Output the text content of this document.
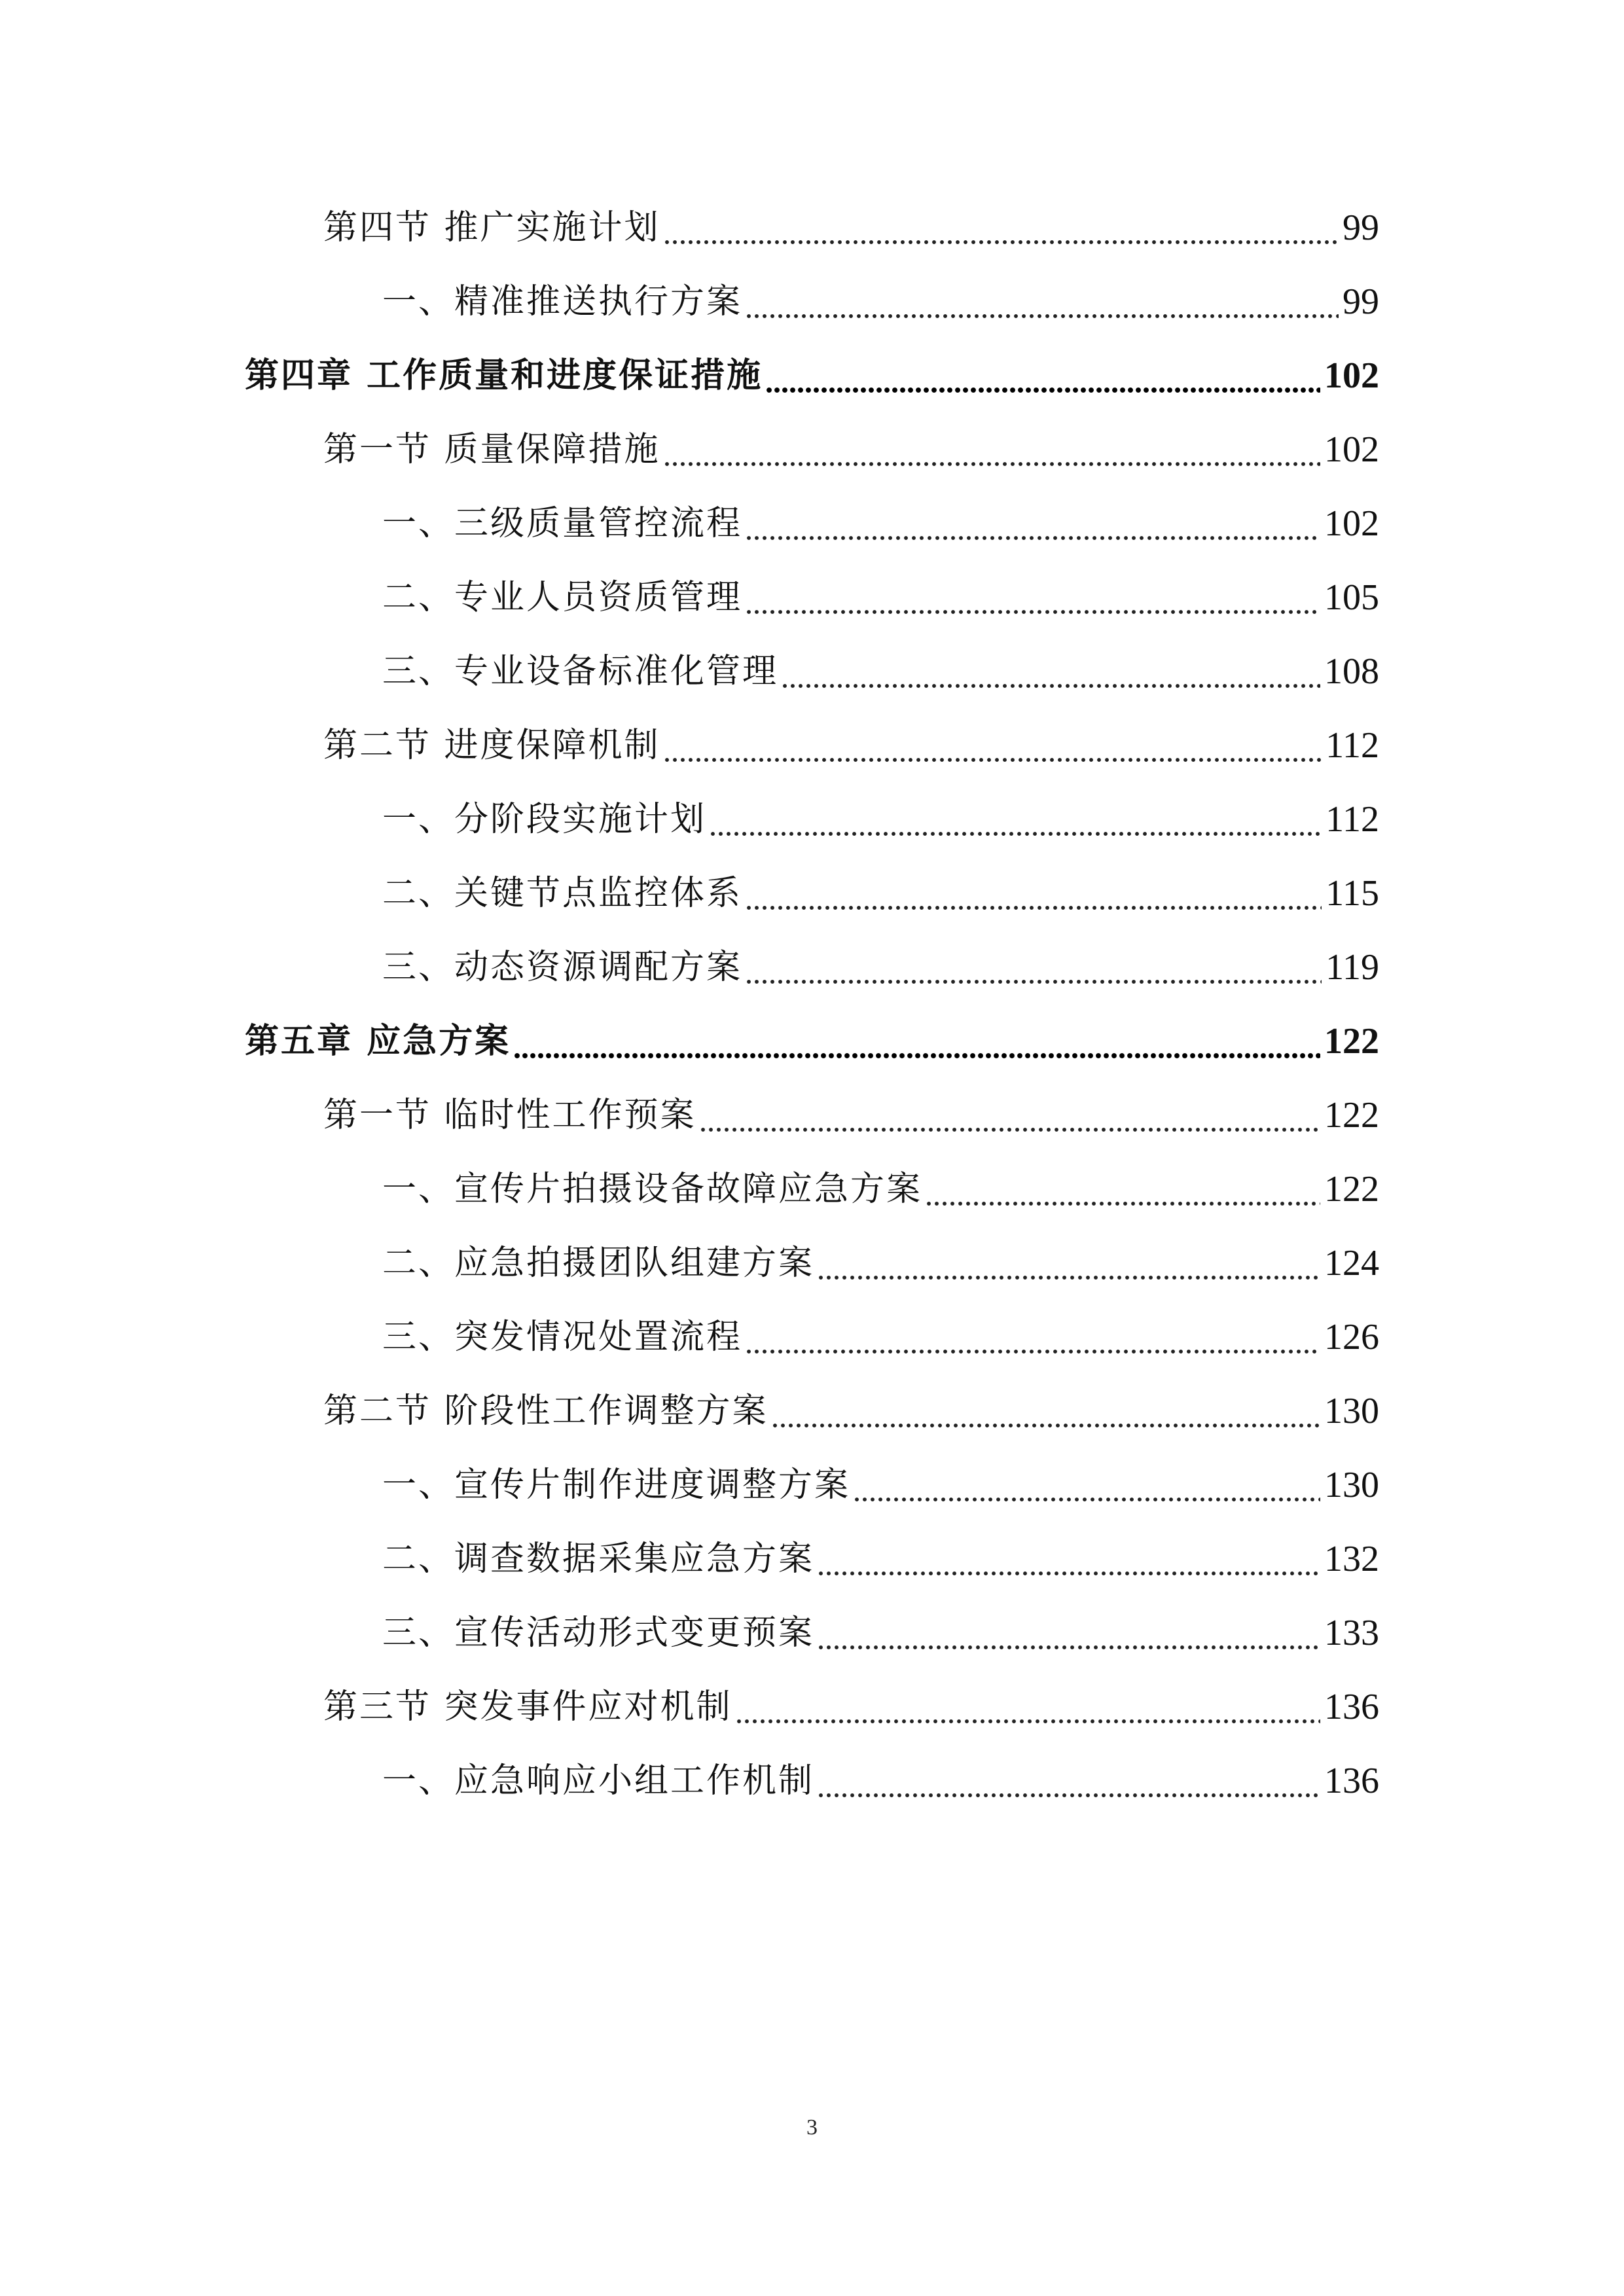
第四节 推广实施计划	99
一、精准推送执行方案	99
第四章 工作质量和进度保证措施	102
第一节 质量保障措施	102
一、三级质量管控流程	102
二、专业人员资质管理	105
三、专业设备标准化管理	108
第二节 进度保障机制	112
一、分阶段实施计划	112
二、关键节点监控体系	115
三、动态资源调配方案	119
第五章 应急方案	122
第一节 临时性工作预案	122
一、宣传片拍摄设备故障应急方案	122
二、应急拍摄团队组建方案	124
三、突发情况处置流程	126
第二节 阶段性工作调整方案	130
一、宣传片制作进度调整方案	130
二、调查数据采集应急方案	132
三、宣传活动形式变更预案	133
第三节 突发事件应对机制	136
一、应急响应小组工作机制	136
3
